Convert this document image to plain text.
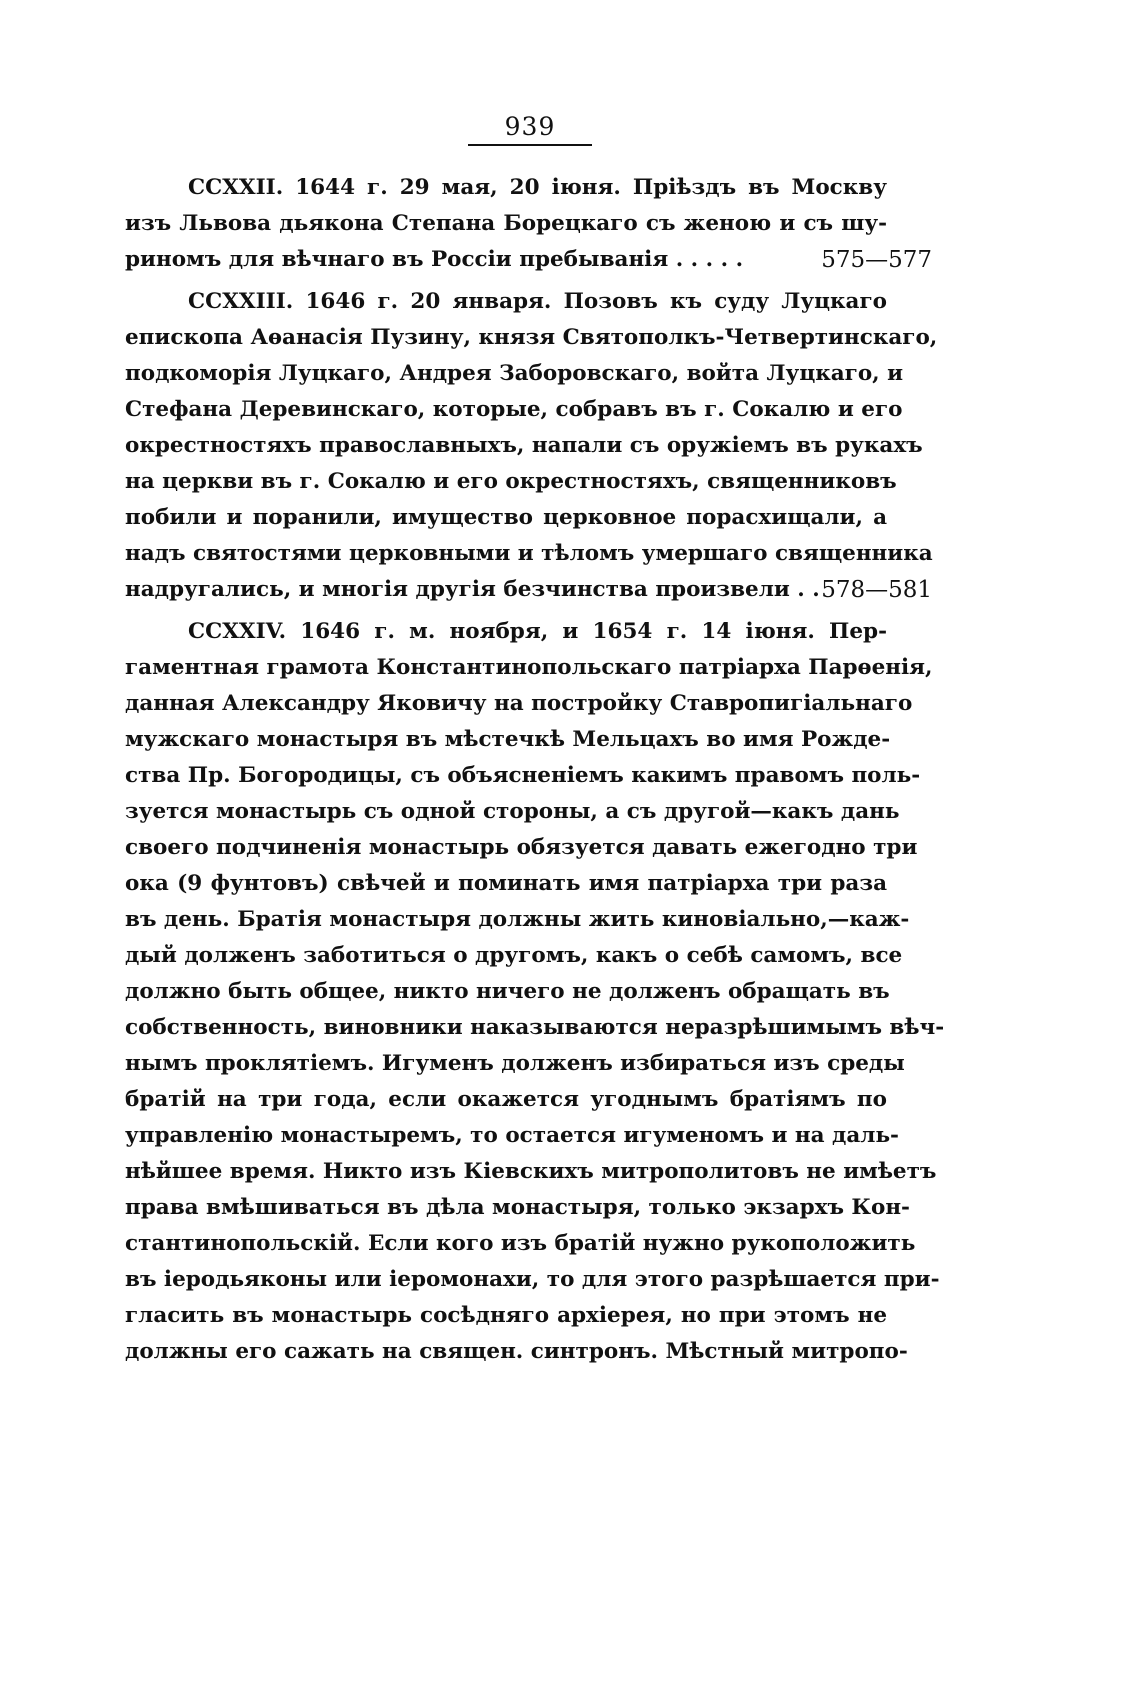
939
CCXXII. 1644 г. 29 мая, 20 іюня. Пріѣздъ въ Москву
изъ Львова дьякона Степана Борецкаго съ женою и съ шу-
риномъ для вѣчнаго въ Россіи пребыванія . . . . .	575—577
CCXXIII. 1646 г. 20 января. Позовъ къ суду Луцкаго
епископа Аѳанасія Пузину, князя Святополкъ-Четвертинскаго,
подкоморія Луцкаго, Андрея Заборовскаго, войта Луцкаго, и
Стефана Деревинскаго, которые, собравъ въ г. Сокалю и его
окрестностяхъ православныхъ, напали съ оружіемъ въ рукахъ
на церкви въ г. Сокалю и его окрестностяхъ, священниковъ
побили и поранили, имущество церковное порасхищали, а
надъ святостями церковными и тѣломъ умершаго священника
надругались, и многія другія безчинства произвели . . 578—581
CCXXIV. 1646 г. м. ноября, и 1654 г. 14 іюня. Пер-
гаментная грамота Константинопольскаго патріарха Парѳенія,
данная Александру Яковичу на постройку Ставропигіальнаго
мужскаго монастыря въ мѣстечкѣ Мельцахъ во имя Рожде-
ства Пр. Богородицы, съ объясненіемъ какимъ правомъ поль-
зуется монастырь съ одной стороны, а съ другой—какъ дань
своего подчиненія монастырь обязуется давать ежегодно три
ока (9 фунтовъ) свѣчей и поминать имя патріарха три раза
въ день. Братія монастыря должны жить киновіально,—каж-
дый долженъ заботиться о другомъ, какъ о себѣ самомъ, все
должно быть общее, никто ничего не долженъ обращать въ
собственность, виновники наказываются неразрѣшимымъ вѣч-
нымъ проклятіемъ. Игуменъ долженъ избираться изъ среды
братій на три года, если окажется угоднымъ братіямъ по
управленію монастыремъ, то остается игуменомъ и на даль-
нѣйшее время. Никто изъ Кіевскихъ митрополитовъ не имѣетъ
права вмѣшиваться въ дѣла монастыря, только экзархъ Кон-
стантинопольскій. Если кого изъ братій нужно рукоположить
въ іеродьяконы или іеромонахи, то для этого разрѣшается при-
гласить въ монастырь сосѣдняго архіерея, но при этомъ не
должны его сажать на священ. синтронъ. Мѣстный митропо-
